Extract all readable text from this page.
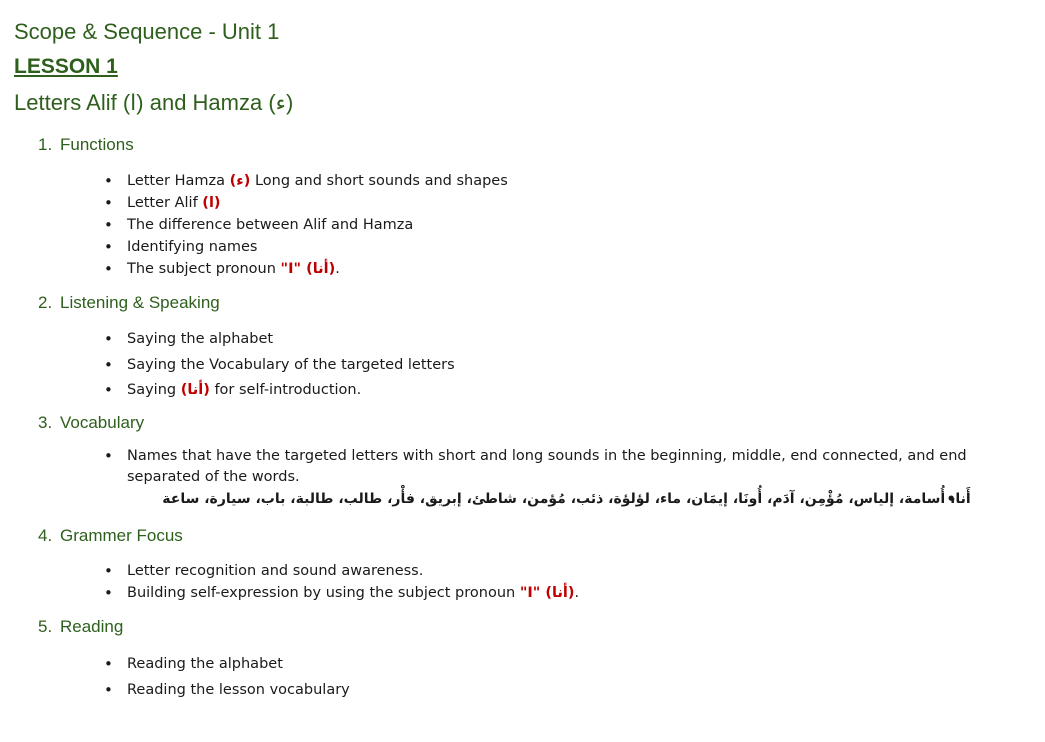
Scope & Sequence - Unit 1
LESSON 1
Letters Alif (ا) and Hamza (ء)
1. Functions
• Letter Hamza (ء) Long and short sounds and shapes
• Letter Alif (ا)
• The difference between Alif and Hamza
• Identifying names
• The subject pronoun "I" (أنا).
2. Listening & Speaking
• Saying the alphabet
• Saying the Vocabulary of the targeted letters
• Saying (أنا) for self-introduction.
3. Vocabulary
• Names that have the targeted letters with short and long sounds in the beginning, middle, end connected, and end separated of the words.
• أَنا، أُسامة، إلياس، مُؤْمِن، آدَم، أُونَا، إيمَان، ماء، لؤلؤة، ذئب، مُؤمن، شاطئ، إبريق، فأْر، طالب، طالبة، باب، سيارة، ساعة
4. Grammer Focus
• Letter recognition and sound awareness.
• Building self-expression by using the subject pronoun "I" (أنا).
5. Reading
• Reading the alphabet
• Reading the lesson vocabulary
